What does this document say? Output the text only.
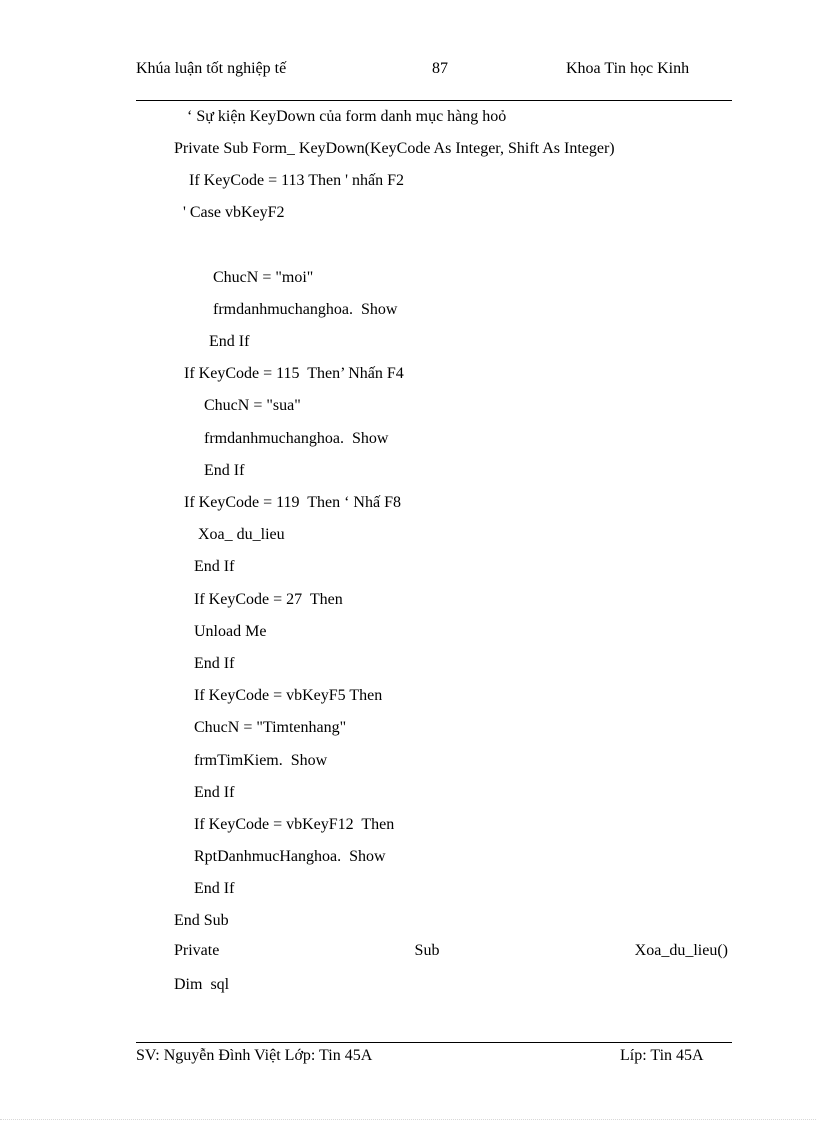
Khúa luận tốt nghiệp tế	87	Khoa Tin học Kinh
‘ Sự kiện KeyDown của form danh mục hàng hoỏ
Private Sub Form_ KeyDown(KeyCode As Integer, Shift As Integer)
If KeyCode = 113 Then ' nhấn F2
' Case vbKeyF2
ChucN = "moi"
frmdanhmuchanghoa.  Show
End If
If KeyCode = 115  Then’ Nhấn F4
ChucN = "sua"
frmdanhmuchanghoa.  Show
End If
If KeyCode = 119  Then ‘ Nhấ F8
Xoa_ du_lieu
End If
If KeyCode = 27  Then
Unload Me
End If
If KeyCode = vbKeyF5 Then
ChucN = "Timtenhang"
frmTimKiem.  Show
End If
If KeyCode = vbKeyF12  Then
RptDanhmucHanghoa.  Show
End If
End Sub
Private	Sub	Xoa_du_lieu()
Dim  sql
SV: Nguyễn Đình Việt Lớp: Tin 45A	Líp: Tin 45A
